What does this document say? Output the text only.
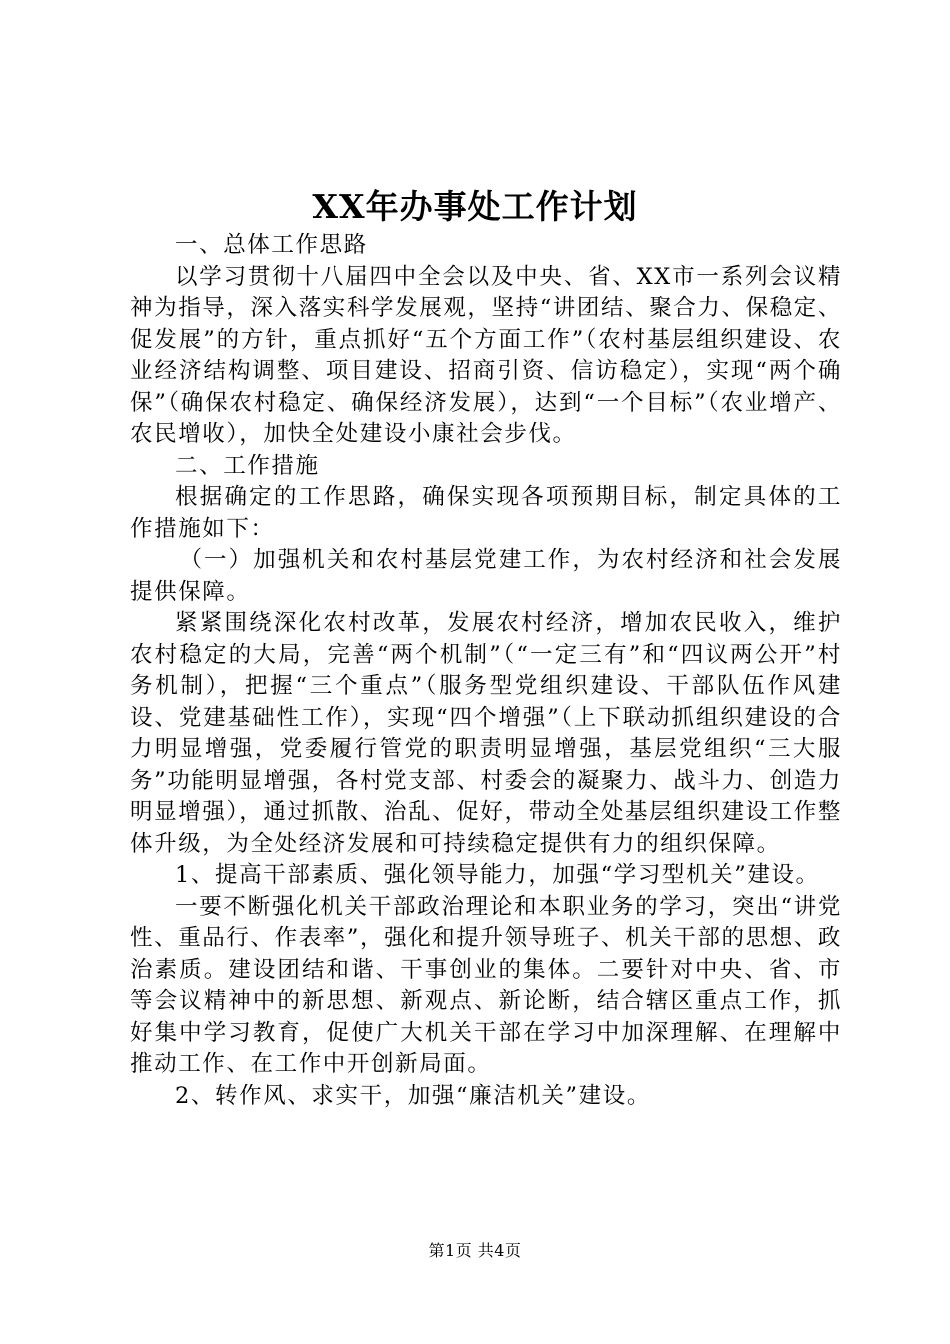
XX年办事处工作计划

一、总体工作思路

以学习贯彻十八届四中全会以及中央、省、XX市一系列会议精神为指导，深入落实科学发展观，坚持“讲团结、聚合力、保稳定、促发展”的方针，重点抓好“五个方面工作”（农村基层组织建设、农业经济结构调整、项目建设、招商引资、信访稳定），实现“两个确保”（确保农村稳定、确保经济发展），达到“一个目标”（农业增产、农民增收），加快全处建设小康社会步伐。

二、工作措施

根据确定的工作思路，确保实现各项预期目标，制定具体的工作措施如下：

（一）加强机关和农村基层党建工作，为农村经济和社会发展提供保障。

紧紧围绕深化农村改革，发展农村经济，增加农民收入，维护农村稳定的大局，完善“两个机制”（“一定三有”和“四议两公开”村务机制），把握“三个重点”（服务型党组织建设、干部队伍作风建设、党建基础性工作），实现“四个增强”（上下联动抓组织建设的合力明显增强，党委履行管党的职责明显增强，基层党组织“三大服务”功能明显增强，各村党支部、村委会的凝聚力、战斗力、创造力明显增强），通过抓散、治乱、促好，带动全处基层组织建设工作整体升级，为全处经济发展和可持续稳定提供有力的组织保障。

1、提高干部素质、强化领导能力，加强“学习型机关”建设。

一要不断强化机关干部政治理论和本职业务的学习，突出“讲党性、重品行、作表率”，强化和提升领导班子、机关干部的思想、政治素质。建设团结和谐、干事创业的集体。二要针对中央、省、市等会议精神中的新思想、新观点、新论断，结合辖区重点工作，抓好集中学习教育，促使广大机关干部在学习中加深理解、在理解中推动工作、在工作中开创新局面。

2、转作风、求实干，加强“廉洁机关”建设。

第1页 共4页
